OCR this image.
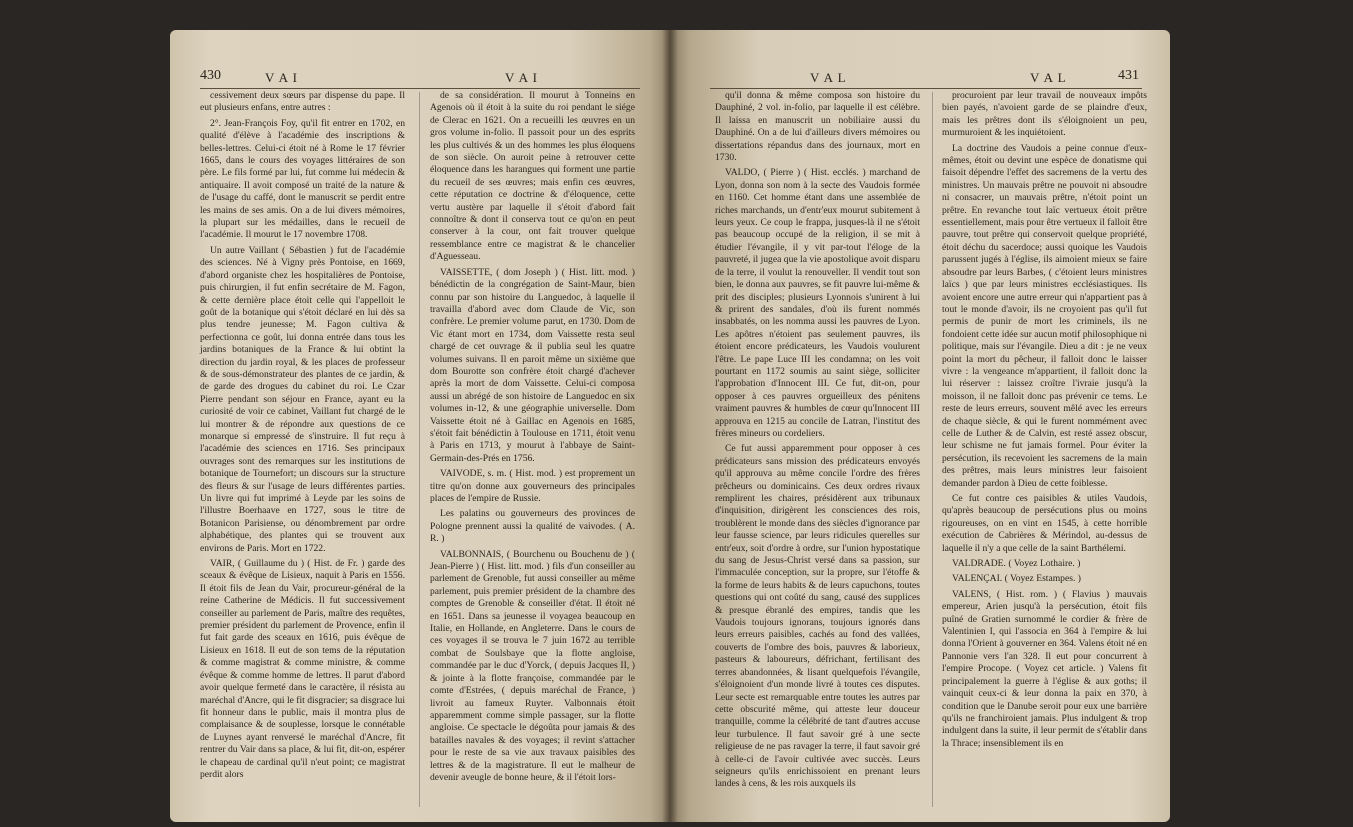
430	V A I	V A I

cessivement deux sœurs par dispense du pape. Il eut plusieurs enfans, entre autres :

2°. Jean-François Foy, qu'il fit entrer en 1702, en qualité d'élève à l'académie des inscriptions & belles-lettres. Celui-ci étoit né à Rome le 17 février 1665, dans le cours des voyages littéraires de son père. Le fils formé par lui, fut comme lui médecin & antiquaire. Il avoit composé un traité de la nature & de l'usage du caffé, dont le manuscrit se perdit entre les mains de ses amis. On a de lui divers mémoires, la plupart sur les médailles, dans le recueil de l'académie. Il mourut le 17 novembre 1708.

Un autre Vaillant ( Sébastien ) fut de l'académie des sciences. Né à Vigny près Pontoise, en 1669, d'abord organiste chez les hospitalières de Pontoise, puis chirurgien, il fut enfin secrétaire de M. Fagon, & cette dernière place étoit celle qui l'appelloit le goût de la botanique qui s'étoit déclaré en lui dès sa plus tendre jeunesse; M. Fagon cultiva & perfectionna ce goût, lui donna entrée dans tous les jardins botaniques de la France & lui obtint la direction du jardin royal, & les places de professeur & de sous-démonstrateur des plantes de ce jardin, & de garde des drogues du cabinet du roi. Le Czar Pierre pendant son séjour en France, ayant eu la curiosité de voir ce cabinet, Vaillant fut chargé de le lui montrer & de répondre aux questions de ce monarque si empressé de s'instruire. Il fut reçu à l'académie des sciences en 1716. Ses principaux ouvrages sont des remarques sur les institutions de botanique de Tournefort; un discours sur la structure des fleurs & sur l'usage de leurs différentes parties. Un livre qui fut imprimé à Leyde par les soins de l'illustre Boerhaave en 1727, sous le titre de Botanicon Parisiense, ou dénombrement par ordre alphabétique, des plantes qui se trouvent aux environs de Paris. Mort en 1722.

VAIR, ( Guillaume du ) ( Hist. de Fr. ) garde des sceaux & évêque de Lisieux, naquit à Paris en 1556. Il étoit fils de Jean du Vair, procureur-général de la reine Catherine de Médicis. Il fut successivement conseiller au parlement de Paris, maître des requêtes, premier président du parlement de Provence, enfin il fut fait garde des sceaux en 1616, puis évêque de Lisieux en 1618. Il eut de son tems de la réputation & comme magistrat & comme ministre, & comme évêque & comme homme de lettres. Il parut d'abord avoir quelque fermeté dans le caractère, il résista au maréchal d'Ancre, qui le fit disgracier; sa disgrace lui fit honneur dans le public, mais il montra plus de complaisance & de souplesse, lorsque le connétable de Luynes ayant renversé le maréchal d'Ancre, fit rentrer du Vair dans sa place, & lui fit, dit-on, espérer le chapeau de cardinal qu'il n'eut point; ce magistrat perdit alors

de sa considération. Il mourut à Tonneins en Agenois où il étoit à la suite du roi pendant le siége de Clerac en 1621. On a recueilli les œuvres en un gros volume in-folio. Il passoit pour un des esprits les plus cultivés & un des hommes les plus éloquens de son siècle. On auroit peine à retrouver cette éloquence dans les harangues qui forment une partie du recueil de ses œuvres; mais enfin ces œuvres, cette réputation ce doctrine & d'éloquence, cette vertu austère par laquelle il s'étoit d'abord fait connoître & dont il conserva tout ce qu'on en peut conserver à la cour, ont fait trouver quelque ressemblance entre ce magistrat & le chancelier d'Aguesseau.

VAISSETTE, ( dom Joseph ) ( Hist. litt. mod. ) bénédictin de la congrégation de Saint-Maur, bien connu par son histoire du Languedoc, à laquelle il travailla d'abord avec dom Claude de Vic, son confrère. Le premier volume parut, en 1730. Dom de Vic étant mort en 1734, dom Vaissette resta seul chargé de cet ouvrage & il publia seul les quatre volumes suivans. Il en paroit même un sixième que dom Bourotte son confrère étoit chargé d'achever après la mort de dom Vaissette. Celui-ci composa aussi un abrégé de son histoire de Languedoc en six volumes in-12, & une géographie universelle. Dom Vaissette étoit né à Gaillac en Agenois en 1685, s'étoit fait bénédictin à Toulouse en 1711, étoit venu à Paris en 1713, y mourut à l'abbaye de Saint-Germain-des-Prés en 1756.

VAIVODE, s. m. ( Hist. mod. ) est proprement un titre qu'on donne aux gouverneurs des principales places de l'empire de Russie.

Les palatins ou gouverneurs des provinces de Pologne prennent aussi la qualité de vaivodes. ( A. R. )

VALBONNAIS, ( Bourchenu ou Bouchenu de ) ( Jean-Pierre ) ( Hist. litt. mod. ) fils d'un conseiller au parlement de Grenoble, fut aussi conseiller au même parlement, puis premier président de la chambre des comptes de Grenoble & conseiller d'état. Il étoit né en 1651. Dans sa jeunesse il voyagea beaucoup en Italie, en Hollande, en Angleterre. Dans le cours de ces voyages il se trouva le 7 juin 1672 au terrible combat de Soulsbaye que la flotte angloise, commandée par le duc d'Yorck, ( depuis Jacques II, ) & jointe à la flotte françoise, commandée par le comte d'Estrées, ( depuis maréchal de France, ) livroit au fameux Ruyter. Valbonnais étoit apparemment comme simple passager, sur la flotte angloise. Ce spectacle le dégoûta pour jamais & des batailles navales & des voyages; il revint s'attacher pour le reste de sa vie aux travaux paisibles des lettres & de la magistrature. Il eut le malheur de devenir aveugle de bonne heure, & il l'étoit lors-

V A L	V A L	431

qu'il donna & même composa son histoire du Dauphiné, 2 vol. in-folio, par laquelle il est célèbre. Il laissa en manuscrit un nobiliaire aussi du Dauphiné. On a de lui d'ailleurs divers mémoires ou dissertations répandus dans des journaux, mort en 1730.

VALDO, ( Pierre ) ( Hist. ecclés. ) marchand de Lyon, donna son nom à la secte des Vaudois formée en 1160. Cet homme étant dans une assemblée de riches marchands, un d'entr'eux mourut subitement à leurs yeux. Ce coup le frappa, jusques-là il ne s'étoit pas beaucoup occupé de la religion, il se mit à étudier l'évangile, il y vit par-tout l'éloge de la pauvreté, il jugea que la vie apostolique avoit disparu de la terre, il voulut la renouveller. Il vendit tout son bien, le donna aux pauvres, se fit pauvre lui-même & prit des disciples; plusieurs Lyonnois s'unirent à lui & prirent des sandales, d'où ils furent nommés insabbatés, on les nomma aussi les pauvres de Lyon. Les apôtres n'étoient pas seulement pauvres, ils étoient encore prédicateurs, les Vaudois voulurent l'être. Le pape Luce III les condamna; on les voit pourtant en 1172 soumis au saint siège, solliciter l'approbation d'Innocent III. Ce fut, dit-on, pour opposer à ces pauvres orgueilleux des pénitens vraiment pauvres & humbles de cœur qu'Innocent III approuva en 1215 au concile de Latran, l'institut des frères mineurs ou cordeliers.

Ce fut aussi apparemment pour opposer à ces prédicateurs sans mission des prédicateurs envoyés qu'il approuva au même concile l'ordre des frères prêcheurs ou dominicains. Ces deux ordres rivaux remplirent les chaires, présidèrent aux tribunaux d'inquisition, dirigèrent les consciences des rois, troublèrent le monde dans des siècles d'ignorance par leur fausse science, par leurs ridicules querelles sur entr'eux, soit d'ordre à ordre, sur l'union hypostatique du sang de Jesus-Christ versé dans sa passion, sur l'immaculée conception, sur la propre, sur l'étoffe & la forme de leurs habits & de leurs capuchons, toutes questions qui ont coûté du sang, causé des supplices & presque ébranlé des empires, tandis que les Vaudois toujours ignorans, toujours ignorés dans leurs erreurs paisibles, cachés au fond des vallées, couverts de l'ombre des bois, pauvres & laborieux, pasteurs & laboureurs, défrichant, fertilisant des terres abandonnées, & lisant quelquefois l'évangile, s'éloignoient d'un monde livré à toutes ces disputes. Leur secte est remarquable entre toutes les autres par cette obscurité même, qui atteste leur douceur tranquille, comme la célébrité de tant d'autres accuse leur turbulence. Il faut savoir gré à une secte religieuse de ne pas ravager la terre, il faut savoir gré à celle-ci de l'avoir cultivée avec succès. Leurs seigneurs qu'ils enrichissoient en prenant leurs landes à cens, & les rois auxquels ils

procuroient par leur travail de nouveaux impôts bien payés, n'avoient garde de se plaindre d'eux, mais les prêtres dont ils s'éloignoient un peu, murmuroient & les inquiétoient.

La doctrine des Vaudois a peine connue d'eux-mêmes, étoit ou devint une espèce de donatisme qui faisoit dépendre l'effet des sacremens de la vertu des ministres. Un mauvais prêtre ne pouvoit ni absoudre ni consacrer, un mauvais prêtre, n'étoit point un prêtre. En revanche tout laïc vertueux étoit prêtre essentiellement, mais pour être vertueux il falloit être pauvre, tout prêtre qui conservoit quelque propriété, étoit déchu du sacerdoce; aussi quoique les Vaudois parussent jugés à l'église, ils aimoient mieux se faire absoudre par leurs Barbes, ( c'étoient leurs ministres laïcs ) que par leurs ministres ecclésiastiques. Ils avoient encore une autre erreur qui n'appartient pas à tout le monde d'avoir, ils ne croyoient pas qu'il fut permis de punir de mort les criminels, ils ne fondoient cette idée sur aucun motif philosophique ni politique, mais sur l'évangile. Dieu a dit : je ne veux point la mort du pêcheur, il falloit donc le laisser vivre : la vengeance m'appartient, il falloit donc la lui réserver : laissez croître l'ivraie jusqu'à la moisson, il ne falloit donc pas prévenir ce tems. Le reste de leurs erreurs, souvent mêlé avec les erreurs de chaque siècle, & qui le furent nommément avec celle de Luther & de Calvin, est resté assez obscur, leur schisme ne fut jamais formel. Pour éviter la persécution, ils recevoient les sacremens de la main des prêtres, mais leurs ministres leur faisoient demander pardon à Dieu de cette foiblesse.

Ce fut contre ces paisibles & utiles Vaudois, qu'après beaucoup de persécutions plus ou moins rigoureuses, on en vint en 1545, à cette horrible exécution de Cabrières & Mérindol, au-dessus de laquelle il n'y a que celle de la saint Barthélemi.

VALDRADE. ( Voyez Lothaire. )

VALENÇAI. ( Voyez Estampes. )

VALENS, ( Hist. rom. ) ( Flavius ) mauvais empereur, Arien jusqu'à la persécution, étoit fils puîné de Gratien surnommé le cordier & frère de Valentinien I, qui l'associa en 364 à l'empire & lui donna l'Orient à gouverner en 364. Valens étoit né en Pannonie vers l'an 328. Il eut pour concurrent à l'empire Procope. ( Voyez cet article. ) Valens fit principalement la guerre à l'église & aux goths; il vainquit ceux-ci & leur donna la paix en 370, à condition que le Danube seroit pour eux une barrière qu'ils ne franchiroient jamais. Plus indulgent & trop indulgent dans la suite, il leur permit de s'établir dans la Thrace; insensiblement ils en
